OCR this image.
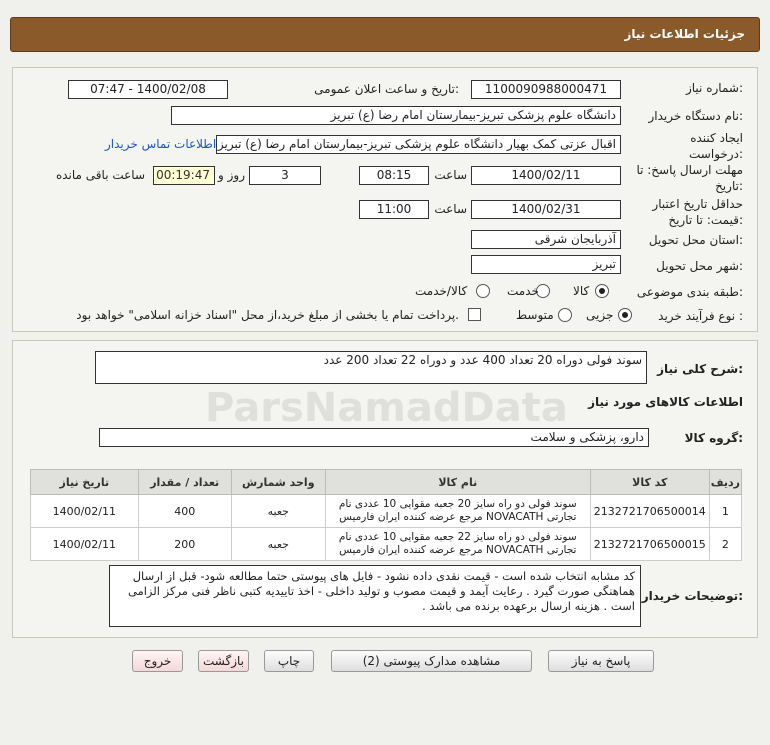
جزئیات اطلاعات نیاز
شماره نیاز:
1100090988000471
تاریخ و ساعت اعلان عمومی:
1400/02/08 - 07:47
نام دستگاه خریدار:
دانشگاه علوم پزشکی تبریز-بیمارستان امام رضا (ع) تبریز
ایجاد کننده درخواست:
اقبال عزتی کمک بهیار دانشگاه علوم پزشکی تبریز-بیمارستان امام رضا (ع) تبریز
اطلاعات تماس خریدار
مهلت ارسال پاسخ: تا تاریخ:
1400/02/11
ساعت
08:15
3
روز و
00:19:47
ساعت باقی مانده
حداقل تاریخ اعتبار قیمت: تا تاریخ:
1400/02/31
ساعت
11:00
استان محل تحویل:
آذربایجان شرقی
شهر محل تحویل:
تبریز
طبقه بندی موضوعی:
کالا
خدمت
کالا/خدمت
نوع فرآیند خرید :
جزیی
متوسط
پرداخت تمام یا بخشی از مبلغ خرید،از محل "اسناد خزانه اسلامی" خواهد بود.
شرح کلی نیاز:
سوند فولی دوراه 20 تعداد 400 عدد و دوراه 22 تعداد 200 عدد
اطلاعات کالاهای مورد نیاز
گروه کالا:
دارو، پزشکی و سلامت
ردیف	کد کالا	نام کالا	واحد شمارش	تعداد / مقدار	تاریخ نیاز
1	2132721706500014	سوند فولی دو راه سایز 20 جعبه مقوایی 10 عددی نام تجارتی NOVACATH مرجع عرضه کننده ایران فارمیس	جعبه	400	1400/02/11
2	2132721706500015	سوند فولی دو راه سایز 22 جعبه مقوایی 10 عددی نام تجارتی NOVACATH مرجع عرضه کننده ایران فارمیس	جعبه	200	1400/02/11
توضیحات خریدار:
کد مشابه انتخاب شده است - قیمت نقدی داده نشود - فایل های پیوستی حتما مطالعه شود- قبل از ارسال هماهنگی صورت گیرد . رعایت آیمد و قیمت مصوب و تولید داخلی - اخذ تاییدیه کتبی ناظر فنی مرکز الزامی است . هزینه ارسال برعهده برنده می باشد .
ParsNamadData
پاسخ به نیاز
مشاهده مدارک پیوستی (2)
چاپ
بازگشت
خروج
